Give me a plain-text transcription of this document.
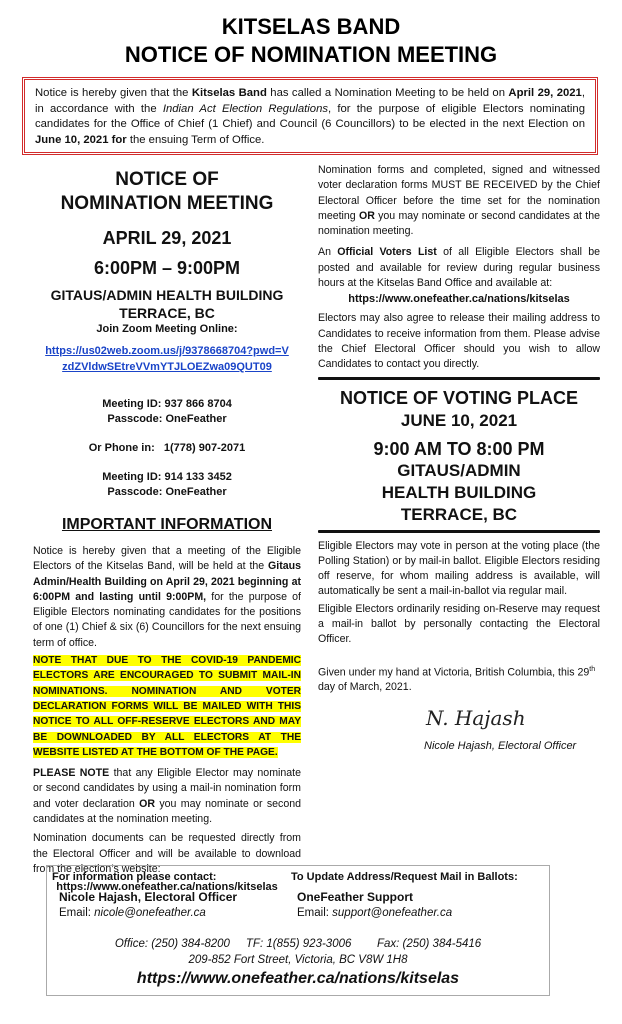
KITSELAS BAND
NOTICE OF NOMINATION MEETING

Notice is hereby given that the Kitselas Band has called a Nomination Meeting to be held on April 29, 2021, in accordance with the Indian Act Election Regulations, for the purpose of eligible Electors nominating candidates for the Office of Chief (1 Chief) and Council (6 Councillors) to be elected in the next Election on June 10, 2021 for the ensuing Term of Office.

NOTICE OF
NOMINATION MEETING
APRIL 29, 2021
6:00PM – 9:00PM
GITAUS/ADMIN HEALTH BUILDING
TERRACE, BC
Join Zoom Meeting Online:
https://us02web.zoom.us/j/9378668704?pwd=V
zdZVldwSEtreVVmYTJLOEZwa09QUT09
Meeting ID: 937 866 8704
Passcode: OneFeather
Or Phone in:   1(778) 907-2071
Meeting ID: 914 133 3452
Passcode: OneFeather
IMPORTANT INFORMATION

Notice is hereby given that a meeting of the Eligible Electors of the Kitselas Band, will be held at the Gitaus Admin/Health Building on April 29, 2021 beginning at 6:00PM and lasting until 9:00PM, for the purpose of Eligible Electors nominating candidates for the positions of one (1) Chief & six (6) Councillors for the next ensuing term of office.

NOTE THAT DUE TO THE COVID-19 PANDEMIC ELECTORS ARE ENCOURAGED TO SUBMIT MAIL-IN NOMINATIONS. NOMINATION AND VOTER DECLARATION FORMS WILL BE MAILED WITH THIS NOTICE TO ALL OFF-RESERVE ELECTORS AND MAY BE DOWNLOADED BY ALL ELECTORS AT THE WEBSITE LISTED AT THE BOTTOM OF THE PAGE.

PLEASE NOTE that any Eligible Elector may nominate or second candidates by using a mail-in nomination form and voter declaration OR you may nominate or second candidates at the nomination meeting.

Nomination documents can be requested directly from the Electoral Officer and will be available to download from the election’s website:

https://www.onefeather.ca/nations/kitselas

Nomination forms and completed, signed and witnessed voter declaration forms MUST BE RECEIVED by the Chief Electoral Officer before the time set for the nomination meeting OR you may nominate or second candidates at the nomination meeting.

An Official Voters List of all Eligible Electors shall be posted and available for review during regular business hours at the Kitselas Band Office and available at:

https://www.onefeather.ca/nations/kitselas

Electors may also agree to release their mailing address to Candidates to receive information from them. Please advise the Chief Electoral Officer should you wish to allow Candidates to contact you directly.

NOTICE OF VOTING PLACE
JUNE 10, 2021
9:00 AM TO 8:00 PM
GITAUS/ADMIN
HEALTH BUILDING
TERRACE, BC

Eligible Electors may vote in person at the voting place (the Polling Station) or by mail-in ballot. Eligible Electors residing off reserve, for whom mailing address is available, will automatically be sent a mail-in-ballot via regular mail.

Eligible Electors ordinarily residing on-Reserve may request a mail-in ballot by personally contacting the Electoral Officer.

Given under my hand at Victoria, British Columbia, this 29th day of March, 2021.

N. Hajash
Nicole Hajash, Electoral Officer
For information please contact:
Nicole Hajash, Electoral Officer
Email: nicole@onefeather.ca
To Update Address/Request Mail in Ballots:
OneFeather Support
Email: support@onefeather.ca
Office: (250) 384-8200 TF: 1(855) 923-3006 Fax: (250) 384-5416
209-852 Fort Street, Victoria, BC V8W 1H8
https://www.onefeather.ca/nations/kitselas
